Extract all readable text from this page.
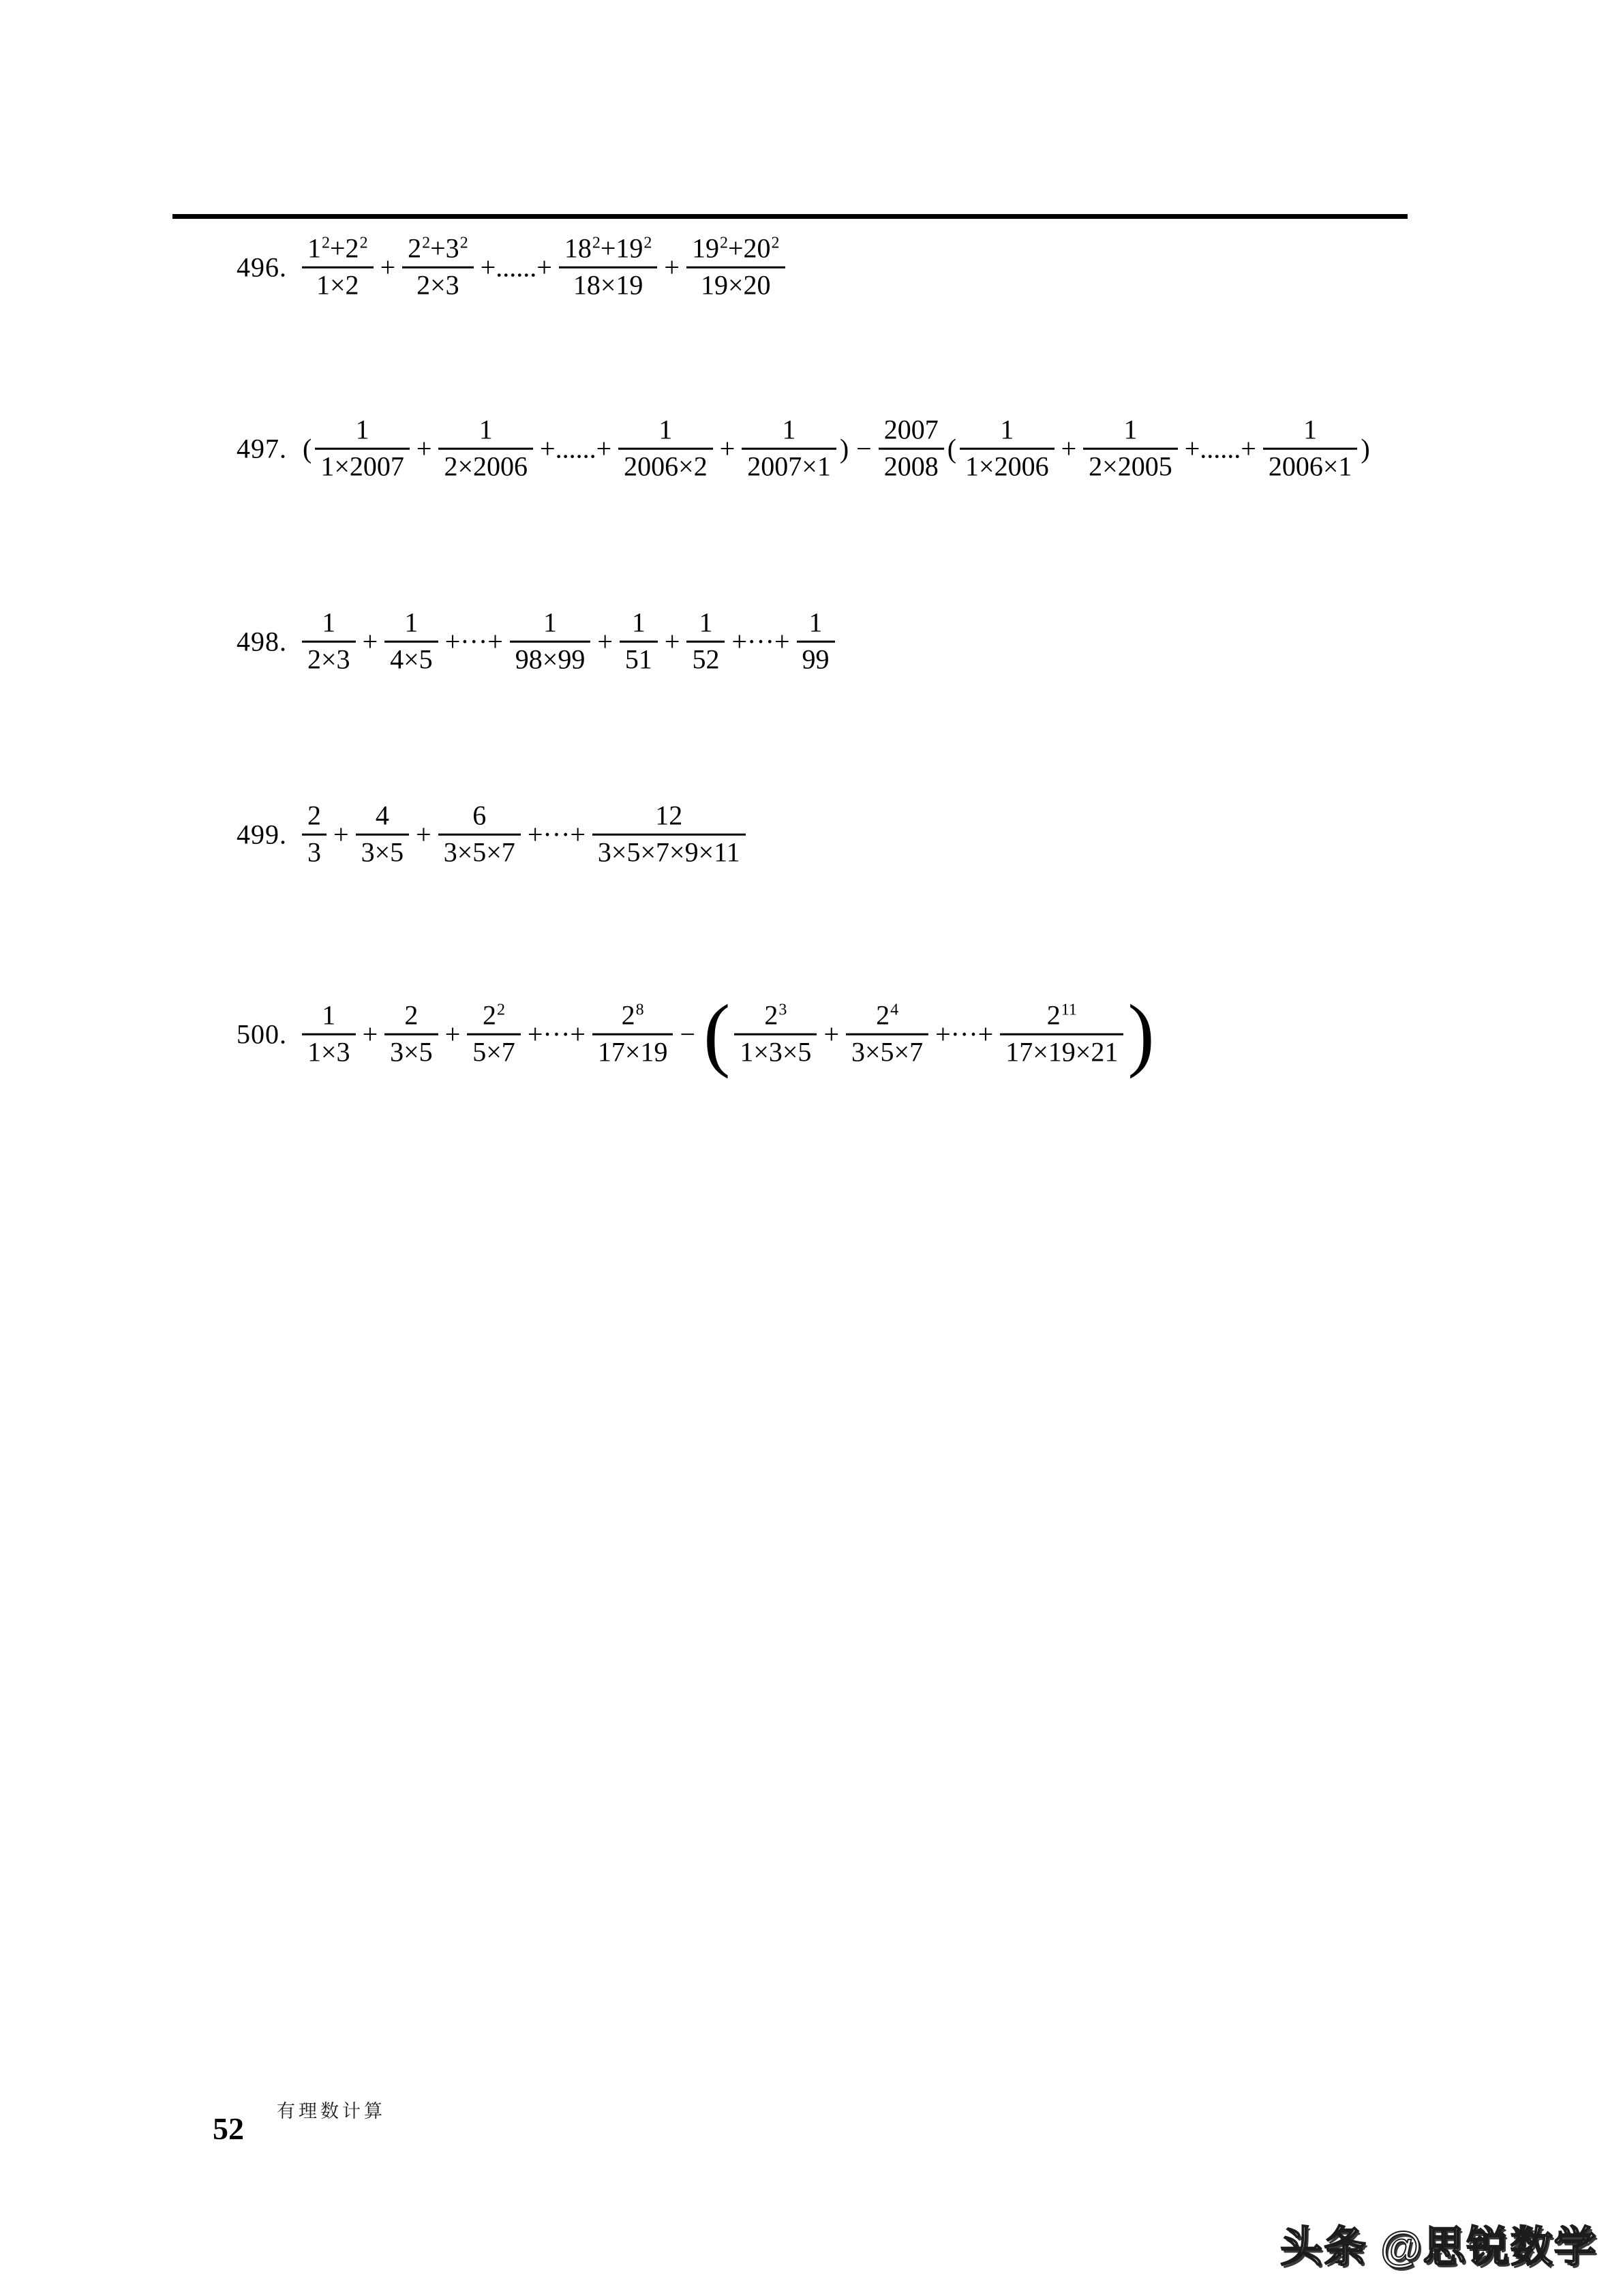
496. $\frac{1^2+2^2}{1\times 2} + \frac{2^2+3^2}{2\times 3}$ +......+ $\frac{18^2+19^2}{18\times 19} + \frac{19^2+20^2}{19\times 20}$
497. ( $\frac{1}{1\times 2007} + \frac{1}{2\times 2006}$ +......+ $\frac{1}{2006\times 2} + \frac{1}{2007\times 1}$ ) − $\frac{2007}{2008}$ ( $\frac{1}{1\times 2006} + \frac{1}{2\times 2005}$ +......+ $\frac{1}{2006\times 1}$ )
498. $\frac{1}{2\times 3} + \frac{1}{4\times 5}$ +···+ $\frac{1}{98\times 99} + \frac{1}{51} + \frac{1}{52}$ +···+ $\frac{1}{99}$
499. $\frac{2}{3} + \frac{4}{3\times 5} + \frac{6}{3\times 5\times 7}$ +···+ $\frac{12}{3\times 5\times 7\times 9\times 11}$
500. $\frac{1}{1\times 3} + \frac{2}{3\times 5} + \frac{2^2}{5\times 7}$ +···+ $\frac{2^8}{17\times 19}$ − ( $\frac{2^3}{1\times 3\times 5} + \frac{2^4}{3\times 5\times 7}$ +···+ $\frac{2^{11}}{17\times 19\times 21}$ )
52 有理数计算
头条 @思锐数学
